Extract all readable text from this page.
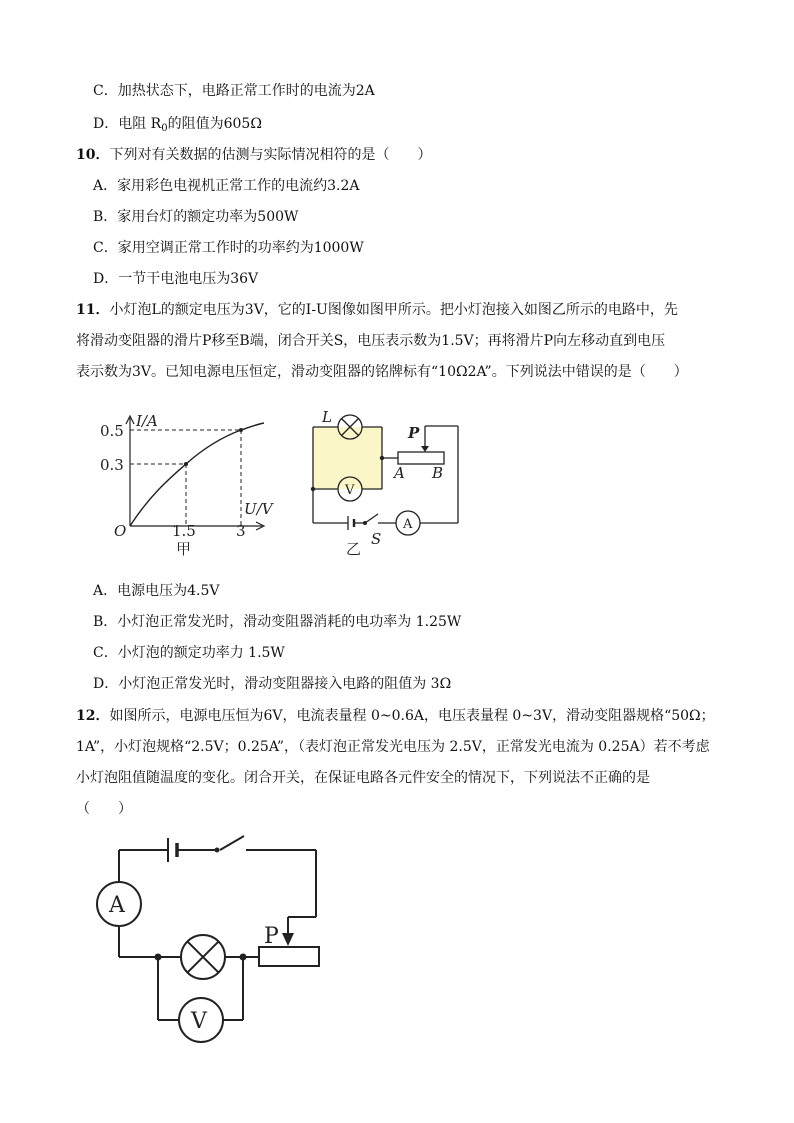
C．加热状态下，电路正常工作时的电流为2A
D．电阻 $R_0$的阻值为605Ω
10．下列对有关数据的估测与实际情况相符的是（　　）
A．家用彩色电视机正常工作的电流约3.2A
B．家用台灯的额定功率为500W
C．家用空调正常工作时的功率约为1000W
D．一节干电池电压为36V
11．小灯泡L的额定电压为3V，它的I-U图像如图甲所示。把小灯泡接入如图乙所示的电路中，先
将滑动变阻器的滑片P移至B端，闭合开关S，电压表示数为1.5V；再将滑片P向左移动直到电压
表示数为3V。已知电源电压恒定，滑动变阻器的铭牌标有“10Ω2A”。下列说法中错误的是（　　）
I/A
0.5
0.3
O	1.5	3
U/V
甲
L
P
A B
V
A
S
乙
A．电源电压为4.5V
B．小灯泡正常发光时，滑动变阻器消耗的电功率为 1.25W
C．小灯泡的额定功率力 1.5W
D．小灯泡正常发光时，滑动变阻器接入电路的阻值为 3Ω
12．如图所示，电源电压恒为6V，电流表量程 0~0.6A，电压表量程 0~3V，滑动变阻器规格“50Ω；
1A”，小灯泡规格“2.5V；0.25A”，（表灯泡正常发光电压为 2.5V，正常发光电流为 0.25A）若不考虑
小灯泡阻值随温度的变化。闭合开关，在保证电路各元件安全的情况下，下列说法不正确的是
（　　）
A
V
P
